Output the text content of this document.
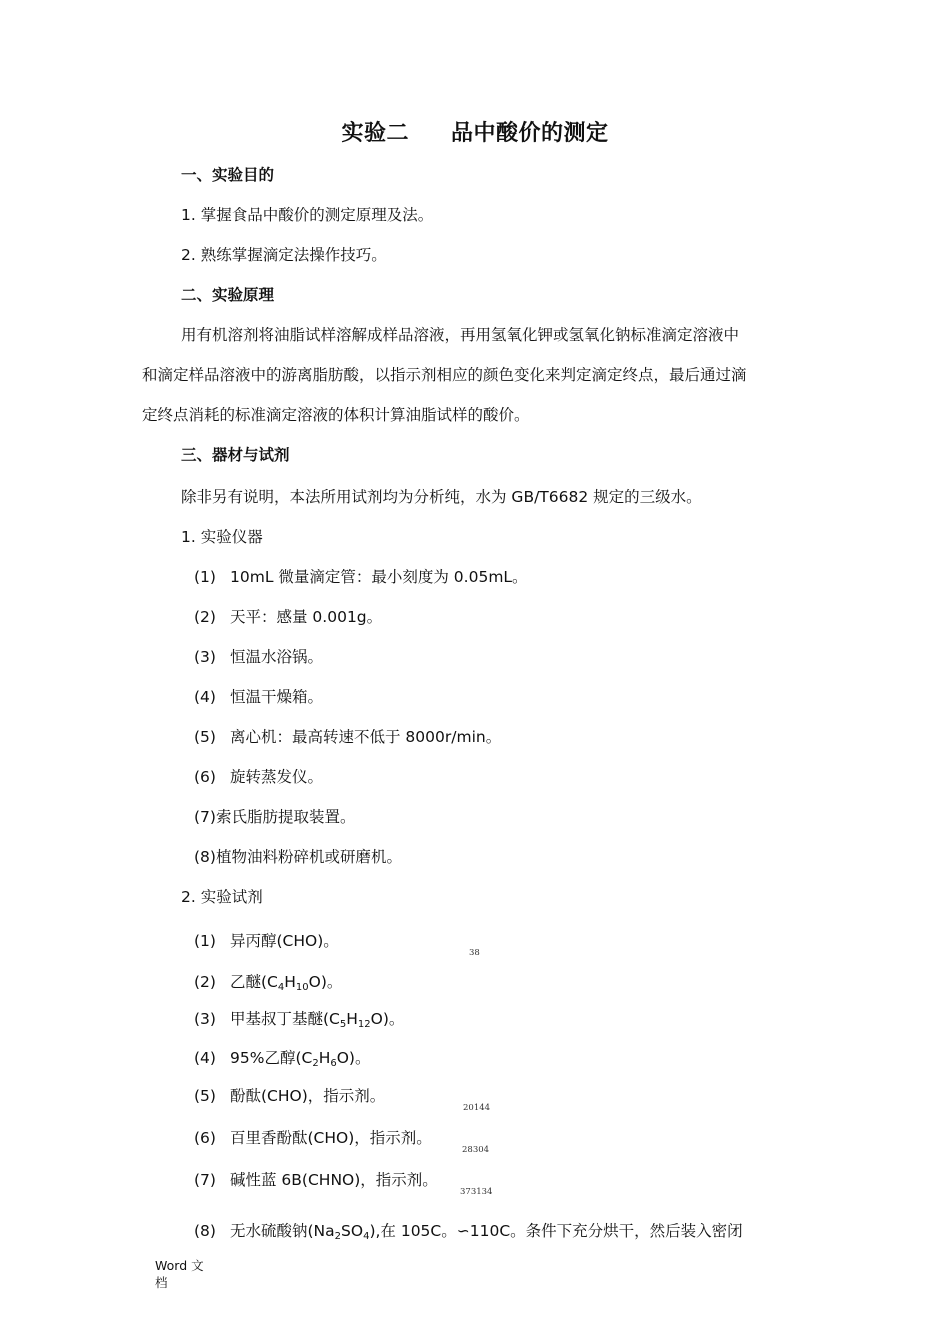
实验二 品中酸价的测定
一、实验目的
1. 掌握食品中酸价的测定原理及法。
2. 熟练掌握滴定法操作技巧。
二、实验原理
用有机溶剂将油脂试样溶解成样品溶液，再用氢氧化钾或氢氧化钠标准滴定溶液中
和滴定样品溶液中的游离脂肪酸，以指示剂相应的颜色变化来判定滴定终点，最后通过滴
定终点消耗的标准滴定溶液的体积计算油脂试样的酸价。
三、器材与试剂
除非另有说明，本法所用试剂均为分析纯，水为 GB/T6682 规定的三级水。
1. 实验仪器
(1) 10mL 微量滴定管：最小刻度为 0.05mL。
(2) 天平：感量 0.001g。
(3) 恒温水浴锅。
(4) 恒温干燥箱。
(5) 离心机：最高转速不低于 8000r/min。
(6) 旋转蒸发仪。
(7)索氏脂肪提取装置。
(8)植物油料粉碎机或研磨机。
2. 实验试剂
(1) 异丙醇(CHO)。
38
(2) 乙醚$(C_4H_{10}O)$。
(3) 甲基叔丁基醚$(C_5H_{12}O)$。
(4) 95%乙醇$(C_2H_6O)$。
(5) 酚酞(CHO)，指示剂。
20144
(6) 百里香酚酞(CHO)，指示剂。
28304
(7) 碱性蓝 6B(CHNO)，指示剂。
373134
(8) 无水硫酸钠$(Na_2SO_4)$,在 105C。∽110C。条件下充分烘干，然后装入密闭
Word 文
档
